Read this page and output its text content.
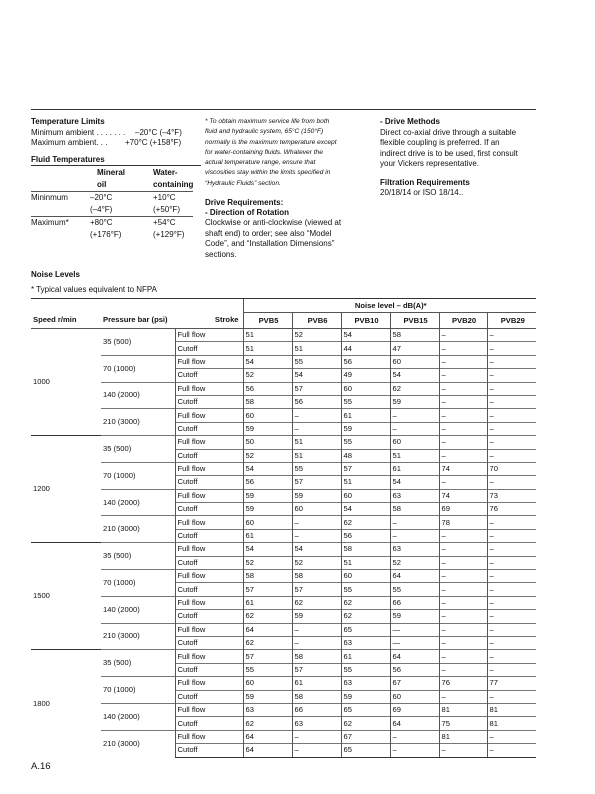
Temperature Limits
Minimum ambient . . . . . . .	–20°C (–4°F)
Maximum ambient. . .	+70°C (+158°F)
Fluid Temperatures
	Mineral	Water-
	oil	containing
Mininmum	–20°C	+10°C
	(–4°F)	(+50°F)
Maximum*	+80°C	+54°C
	(+176°F)	(+129°F)
* To obtain maximum service life from both
fluid and hydraulic system, 65°C (150°F)
normally is the maximum temperature except
for water-containing fluids. Whatever the
actual temperature range, ensure that
viscosities stay within the limits specified in
“Hydraulic Fluids” section.
Drive Requirements:
- Direction of Rotation
Clockwise or anti-clockwise (viewed at
shaft end) to order; see also “Model
Code”, and “Installation Dimensions”
sections.
- Drive Methods
Direct co-axial drive through a suitable
flexible coupling is preferred. If an
indirect drive is to be used, first consult
your Vickers representative.
Filtration Requirements
20/18/14 or ISO 18/14..
Noise Levels
* Typical values equivalent to NFPA
			Noise level – dB(A)*					
Speed r/min	Pressure bar (psi)	Stroke	PVB5	PVB6	PVB10	PVB15	PVB20	PVB29
1000	35 (500)	Full flow	51	52	54	58	–	–
		Cutoff	51	51	44	47	–	–
	70 (1000)	Full flow	54	55	56	60	–	–
		Cutoff	52	54	49	54	–	–
	140 (2000)	Full flow	56	57	60	62	–	–
		Cutoff	58	56	55	59	–	–
	210 (3000)	Full flow	60	–	61	–	–	–
		Cutoff	59	–	59	–	–	–
1200	35 (500)	Full flow	50	51	55	60	–	–
		Cutoff	52	51	48	51	–	–
	70 (1000)	Full flow	54	55	57	61	74	70
		Cutoff	56	57	51	54	–	–
	140 (2000)	Full flow	59	59	60	63	74	73
		Cutoff	59	60	54	58	69	76
	210 (3000)	Full flow	60	–	62	–	78	–
		Cutoff	61	–	56	–	–	–
1500	35 (500)	Full flow	54	54	58	63	–	–
		Cutoff	52	52	51	52	–	–
	70 (1000)	Full flow	58	58	60	64	–	–
		Cutoff	57	57	55	55	–	–
	140 (2000)	Full flow	61	62	62	66	–	–
		Cutoff	62	59	62	59	–	–
	210 (3000)	Full flow	64	–	65	—	–	–
		Cutoff	62	–	63	—	–	–
1800	35 (500)	Full flow	57	58	61	64	–	–
		Cutoff	55	57	55	56	–	–
	70 (1000)	Full flow	60	61	63	67	76	77
		Cutoff	59	58	59	60	–	–
	140 (2000)	Full flow	63	66	65	69	81	81
		Cutoff	62	63	62	64	75	81
	210 (3000)	Full flow	64	–	67	–	81	–
		Cutoff	64	–	65	–	–	–
A.16
